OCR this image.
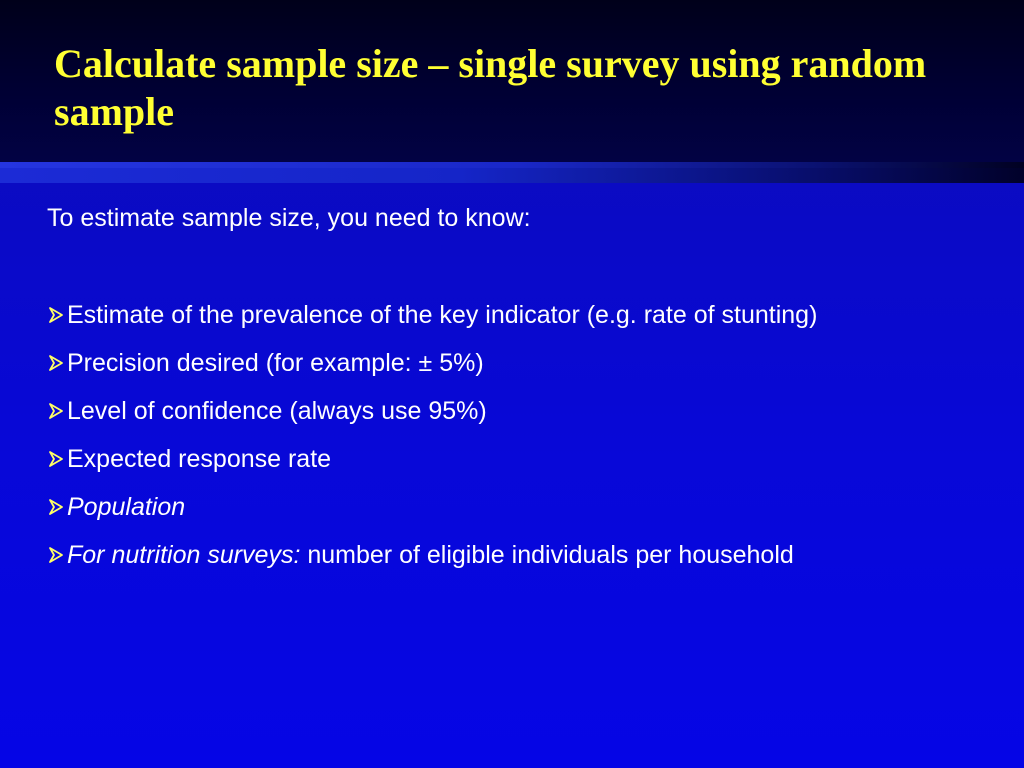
Calculate sample size – single survey using random sample

To estimate sample size, you need to know:

Estimate of the prevalence of the key indicator (e.g. rate of stunting)
Precision desired (for example: ± 5%)
Level of confidence (always use 95%)
Expected response rate
Population
For nutrition surveys: number of eligible individuals per household
